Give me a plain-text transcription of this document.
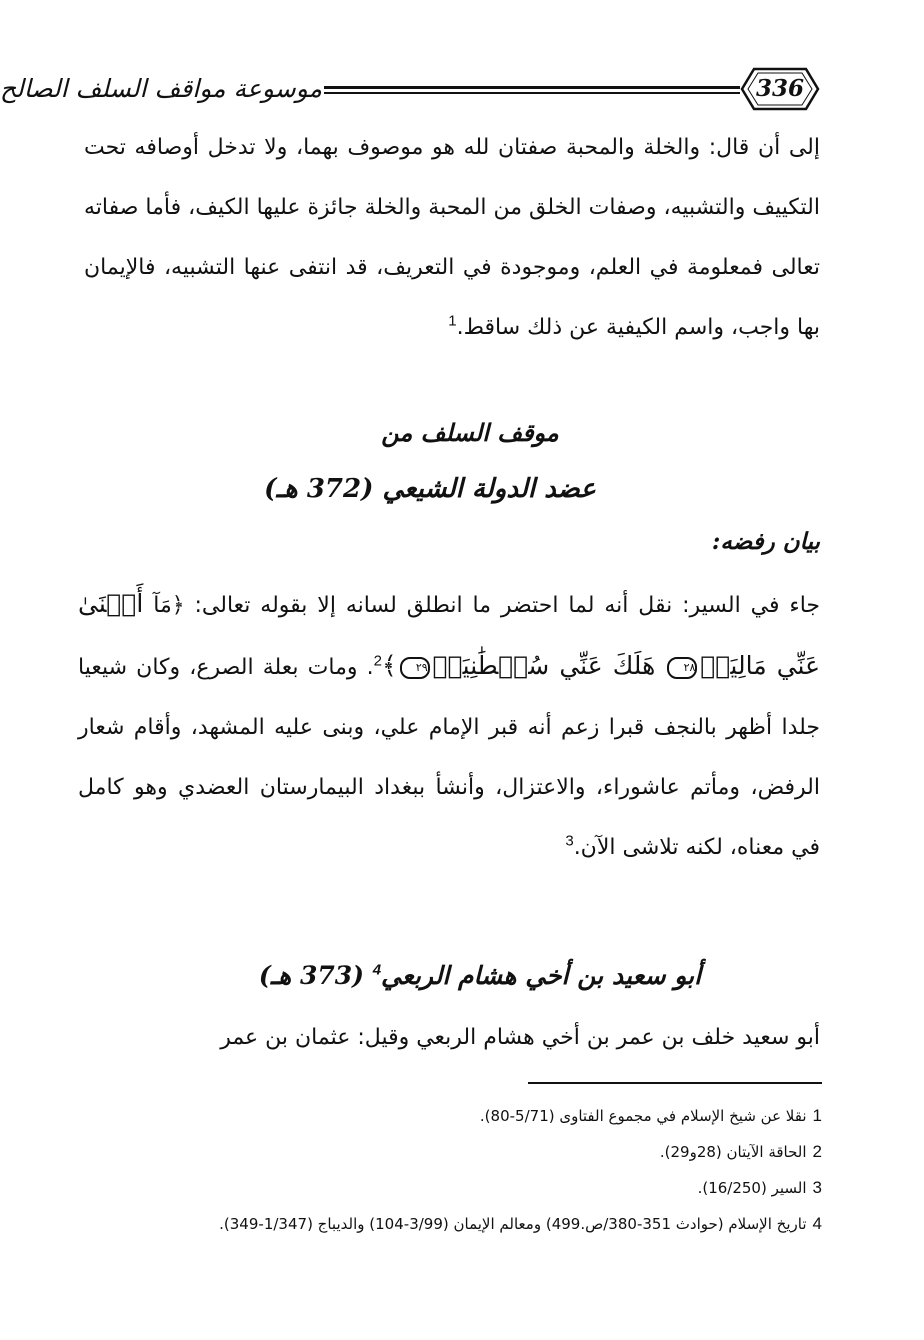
موسوعة مواقف السلف الصالح	336
إلى أن قال: والخلة والمحبة صفتان لله هو موصوف بهما، ولا تدخل أوصافه تحت التكييف والتشبيه، وصفات الخلق من المحبة والخلة جائزة عليها الكيف، فأما صفاته تعالى فمعلومة في العلم، وموجودة في التعريف، قد انتفى عنها التشبيه، فالإيمان بها واجب، واسم الكيفية عن ذلك ساقط.$^1$
موقف السلف من
عضد الدولة الشيعي (372 هـ)
بيان رفضه:
جاء في السير: نقل أنه لما احتضر ما انطلق لسانه إلا بقوله تعالى: ﴿مَآ أَغۡنَىٰ عَنِّي مَالِيَهۡ٢٨ هَلَكَ عَنِّي سُلۡطَٰنِيَهۡ٢٩﴾$^2$. ومات بعلة الصرع، وكان شيعيا جلدا أظهر بالنجف قبرا زعم أنه قبر الإمام علي، وبنى عليه المشهد، وأقام شعار الرفض، ومأتم عاشوراء، والاعتزال، وأنشأ ببغداد البيمارستان العضدي وهو كامل في معناه، لكنه تلاشى الآن.$^3$
أبو سعيد بن أخي هشام الربعي$^4$ (373 هـ)
أبو سعيد خلف بن عمر بن أخي هشام الربعي وقيل: عثمان بن عمر
1نقلا عن شيخ الإسلام في مجموع الفتاوى (5/71-80).
2الحاقة الآيتان (28و29).
3السير (16/250).
4تاريخ الإسلام (حوادث 351-380/ص.499) ومعالم الإيمان (3/99-104) والديباج (1/347-349).
